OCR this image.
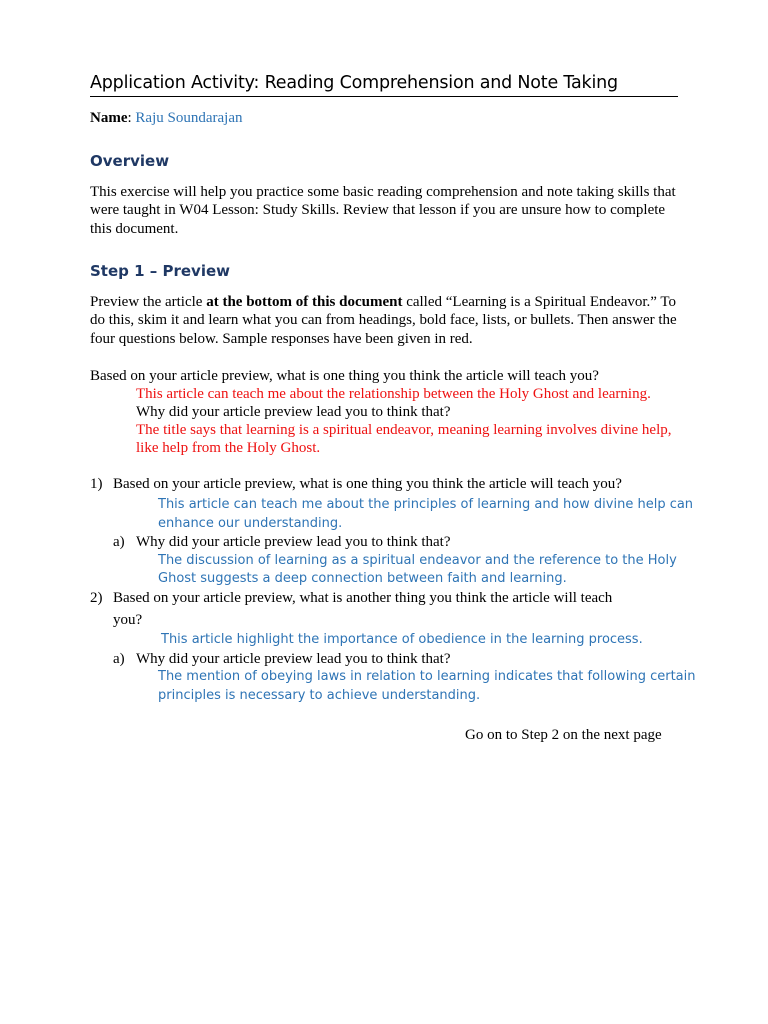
Application Activity: Reading Comprehension and Note Taking
Name: Raju Soundarajan
Overview
This exercise will help you practice some basic reading comprehension and note taking skills that were taught in W04 Lesson: Study Skills. Review that lesson if you are unsure how to complete this document.
Step 1 – Preview
Preview the article at the bottom of this document called “Learning is a Spiritual Endeavor.” To do this, skim it and learn what you can from headings, bold face, lists, or bullets. Then answer the four questions below. Sample responses have been given in red.
Based on your article preview, what is one thing you think the article will teach you?
This article can teach me about the relationship between the Holy Ghost and learning.
Why did your article preview lead you to think that?
The title says that learning is a spiritual endeavor, meaning learning involves divine help,
like help from the Holy Ghost.
1) Based on your article preview, what is one thing you think the article will teach you?
This article can teach me about the principles of learning and how divine help can
enhance our understanding.
a) Why did your article preview lead you to think that?
The discussion of learning as a spiritual endeavor and the reference to the Holy
Ghost suggests a deep connection between faith and learning.
2) Based on your article preview, what is another thing you think the article will teach
you?
This article highlight the importance of obedience in the learning process.
a) Why did your article preview lead you to think that?
The mention of obeying laws in relation to learning indicates that following certain
principles is necessary to achieve understanding.
Go on to Step 2 on the next page
